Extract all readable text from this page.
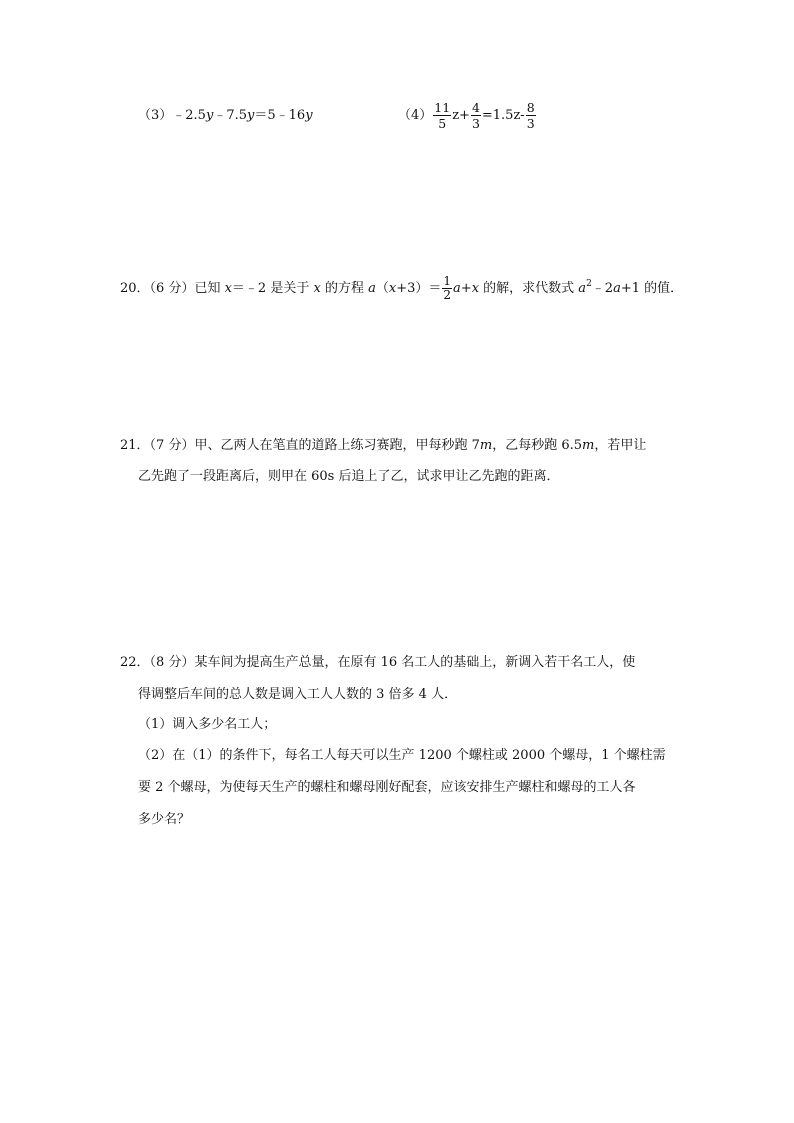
（3）﹣2.5y﹣7.5y＝5﹣16y	$(4) \frac{11}{5} z+ \frac{4}{3} =1.5z- \frac{8}{3}$
20．（6 分）已知 x＝﹣2 是关于 x 的方程 $a(x+3)= \frac{1}{2} a+x$ 的解，求代数式 $a^2﹣2a+1$ 的值．
21．（7 分）甲、乙两人在笔直的道路上练习赛跑，甲每秒跑 7m，乙每秒跑 6.5m，若甲让
乙先跑了一段距离后，则甲在 60s 后追上了乙，试求甲让乙先跑的距离．
22．（8 分）某车间为提高生产总量，在原有 16 名工人的基础上，新调入若干名工人，使
得调整后车间的总人数是调入工人人数的 3 倍多 4 人．
（1）调入多少名工人；
（2）在（1）的条件下，每名工人每天可以生产 1200 个螺柱或 2000 个螺母，1 个螺柱需
要 2 个螺母，为使每天生产的螺柱和螺母刚好配套，应该安排生产螺柱和螺母的工人各
多少名？
